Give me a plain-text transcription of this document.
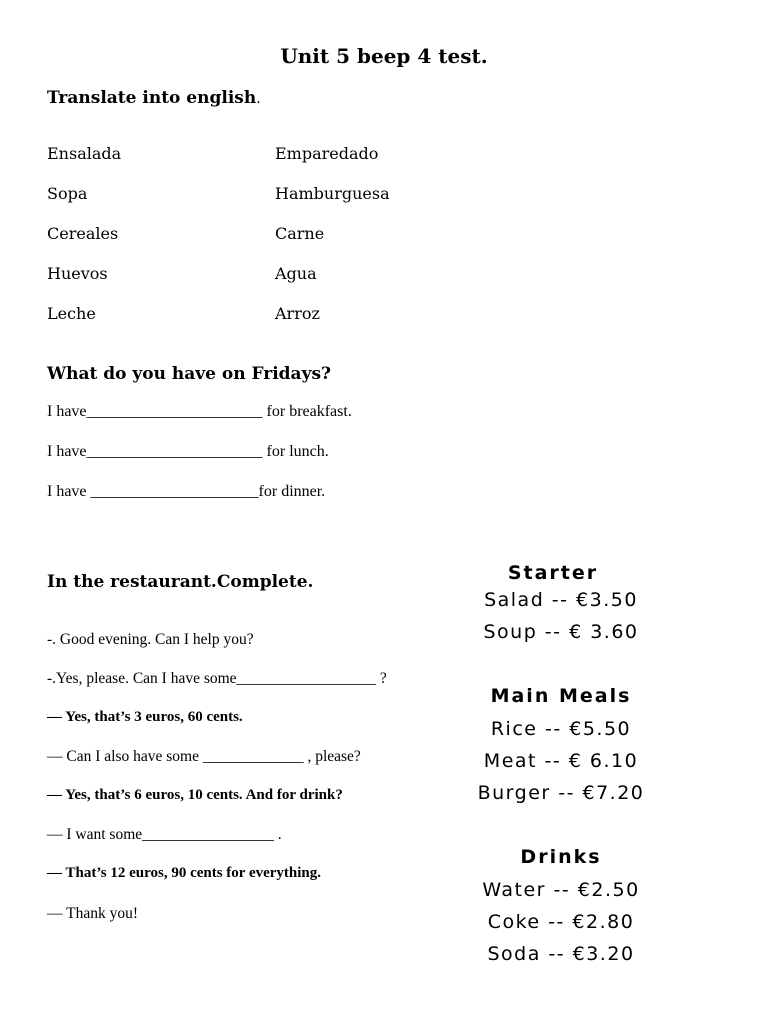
Unit 5 beep 4 test.
Translate into english.
Ensalada
Sopa
Cereales
Huevos
Leche
Emparedado
Hamburguesa
Carne
Agua
Arroz
What do you have on Fridays?
I have______________________ for breakfast.
I have______________________ for lunch.
I have _____________________for dinner.
In the restaurant.Complete.
-. Good evening. Can I help you?
-.Yes, please. Can I have some__________________ ?
— Yes, that’s 3 euros, 60 cents.
— Can I also have some _____________ , please?
— Yes, that’s 6 euros, 10 cents. And for drink?
— I want some_________________ .
— That’s 12 euros, 90 cents for everything.
— Thank you!
Starter
Salad -- €3.50
Soup -- € 3.60
Main Meals
Rice -- €5.50
Meat -- € 6.10
Burger -- €7.20
Drinks
Water -- €2.50
Coke -- €2.80
Soda -- €3.20
